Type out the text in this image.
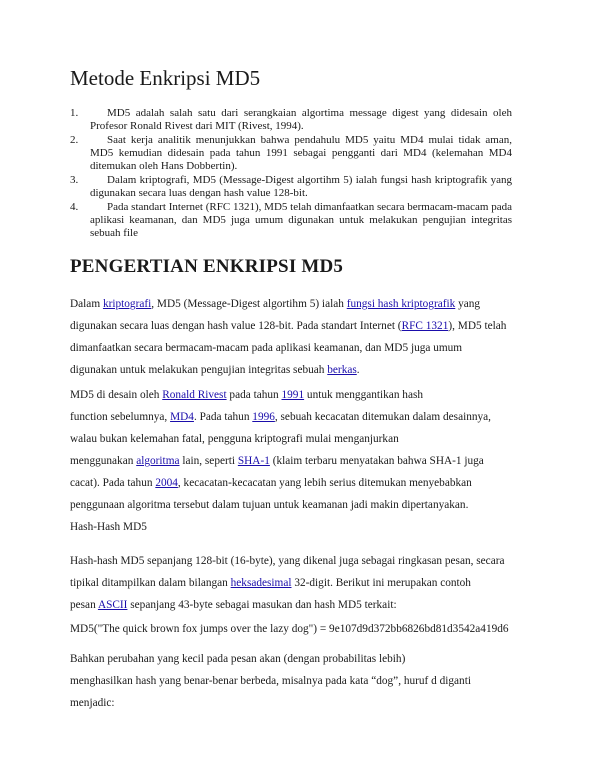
Metode Enkripsi MD5
1.	MD5 adalah salah satu dari serangkaian algortima message digest yang didesain oleh Profesor Ronald Rivest dari MIT (Rivest, 1994).
2.	Saat kerja analitik menunjukkan bahwa pendahulu MD5 yaitu MD4 mulai tidak aman, MD5 kemudian didesain pada tahun 1991 sebagai pengganti dari MD4 (kelemahan MD4 ditemukan oleh Hans Dobbertin).
3.	Dalam kriptografi, MD5 (Message-Digest algortihm 5) ialah fungsi hash kriptografik yang digunakan secara luas dengan hash value 128-bit.
4.	Pada standart Internet (RFC 1321), MD5 telah dimanfaatkan secara bermacam-macam pada aplikasi keamanan, dan MD5 juga umum digunakan untuk melakukan pengujian integritas sebuah file
PENGERTIAN ENKRIPSI MD5
Dalam kriptografi, MD5 (Message-Digest algortihm 5) ialah fungsi hash kriptografik yang
digunakan secara luas dengan hash value 128-bit. Pada standart Internet (RFC 1321), MD5 telah
dimanfaatkan secara bermacam-macam pada aplikasi keamanan, dan MD5 juga umum
digunakan untuk melakukan pengujian integritas sebuah berkas.
MD5 di desain oleh Ronald Rivest pada tahun 1991 untuk menggantikan hash
function sebelumnya, MD4. Pada tahun 1996, sebuah kecacatan ditemukan dalam desainnya,
walau bukan kelemahan fatal, pengguna kriptografi mulai menganjurkan
menggunakan algoritma lain, seperti SHA-1 (klaim terbaru menyatakan bahwa SHA-1 juga
cacat). Pada tahun 2004, kecacatan-kecacatan yang lebih serius ditemukan menyebabkan
penggunaan algoritma tersebut dalam tujuan untuk keamanan jadi makin dipertanyakan.
Hash-Hash MD5
Hash-hash MD5 sepanjang 128-bit (16-byte), yang dikenal juga sebagai ringkasan pesan, secara
tipikal ditampilkan dalam bilangan heksadesimal 32-digit. Berikut ini merupakan contoh
pesan ASCII sepanjang 43-byte sebagai masukan dan hash MD5 terkait:
MD5("The quick brown fox jumps over the lazy dog") = 9e107d9d372bb6826bd81d3542a419d6
Bahkan perubahan yang kecil pada pesan akan (dengan probabilitas lebih)
menghasilkan hash yang benar-benar berbeda, misalnya pada kata “dog”, huruf d diganti
menjadic:
